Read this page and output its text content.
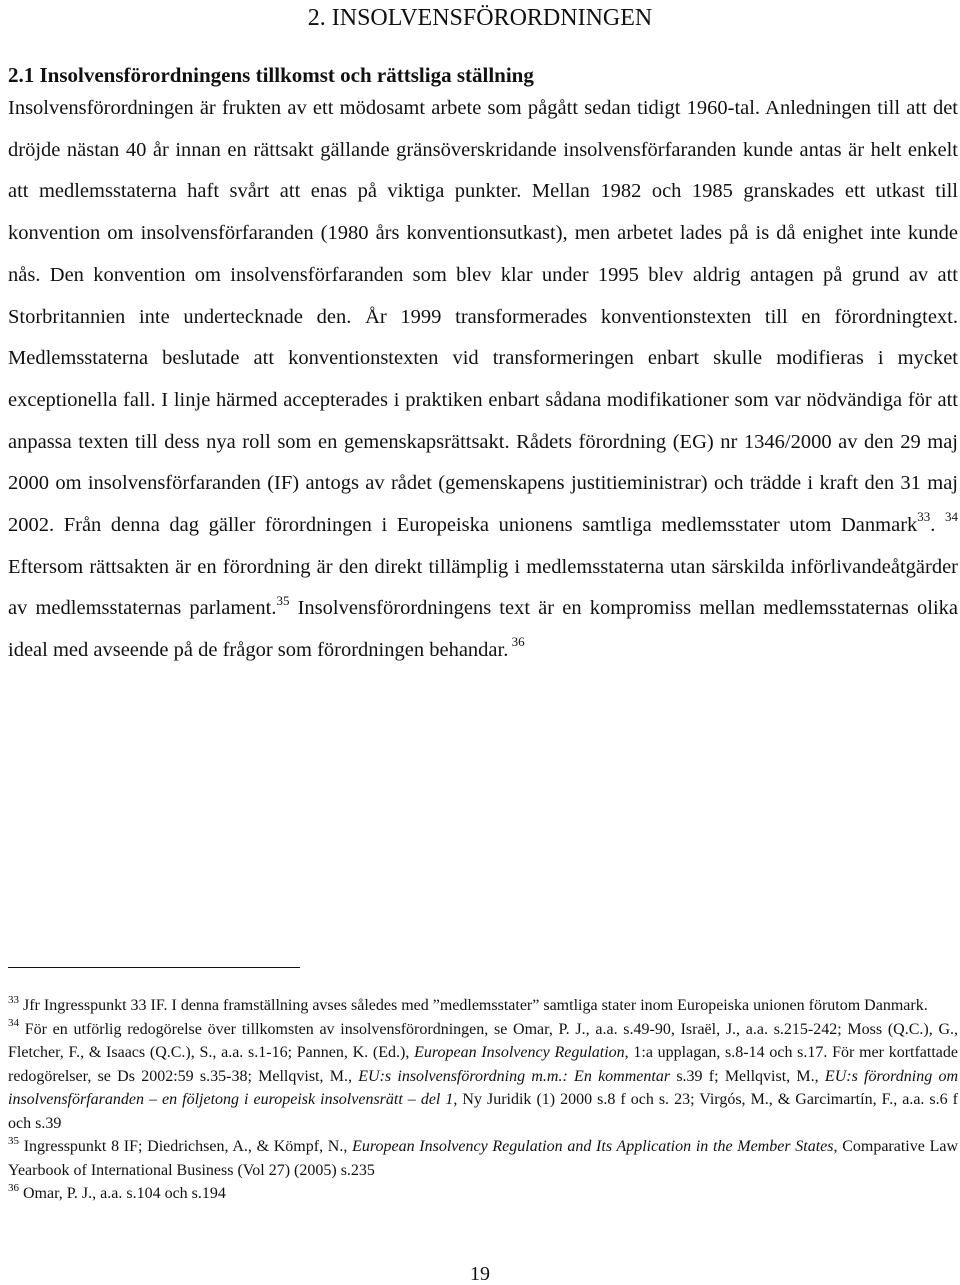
2. INSOLVENSFÖRORDNINGEN
2.1 Insolvensförordningens tillkomst och rättsliga ställning
Insolvensförordningen är frukten av ett mödosamt arbete som pågått sedan tidigt 1960-tal. Anledningen till att det dröjde nästan 40 år innan en rättsakt gällande gränsöverskridande insolvensförfaranden kunde antas är helt enkelt att medlemsstaterna haft svårt att enas på viktiga punkter. Mellan 1982 och 1985 granskades ett utkast till konvention om insolvensförfaranden (1980 års konventionsutkast), men arbetet lades på is då enighet inte kunde nås. Den konvention om insolvensförfaranden som blev klar under 1995 blev aldrig antagen på grund av att Storbritannien inte undertecknade den. År 1999 transformerades konventionstexten till en förordningtext. Medlemsstaterna beslutade att konventionstexten vid transformeringen enbart skulle modifieras i mycket exceptionella fall. I linje härmed accepterades i praktiken enbart sådana modifikationer som var nödvändiga för att anpassa texten till dess nya roll som en gemenskapsrättsakt. Rådets förordning (EG) nr 1346/2000 av den 29 maj 2000 om insolvensförfaranden (IF) antogs av rådet (gemenskapens justitieministrar) och trädde i kraft den 31 maj 2002. Från denna dag gäller förordningen i Europeiska unionens samtliga medlemsstater utom Danmark$^{33}$. $^{34}$ Eftersom rättsakten är en förordning är den direkt tillämplig i medlemsstaterna utan särskilda införlivandeåtgärder av medlemsstaternas parlament.$^{35}$ Insolvensförordningens text är en kompromiss mellan medlemsstaternas olika ideal med avseende på de frågor som förordningen behandar. $^{36}$

$^{33}$ Jfr Ingresspunkt 33 IF. I denna framställning avses således med ”medlemsstater” samtliga stater inom Europeiska unionen förutom Danmark.

$^{34}$ För en utförlig redogörelse över tillkomsten av insolvensförordningen, se Omar, P. J., a.a. s.49-90, Israël, J., a.a. s.215-242; Moss (Q.C.), G., Fletcher, F., & Isaacs (Q.C.), S., a.a. s.1-16; Pannen, K. (Ed.), European Insolvency Regulation, 1:a upplagan, s.8-14 och s.17. För mer kortfattade redogörelser, se Ds 2002:59 s.35-38; Mellqvist, M., EU:s insolvensförordning m.m.: En kommentar s.39 f; Mellqvist, M., EU:s förordning om insolvensförfaranden – en följetong i europeisk insolvensrätt – del 1, Ny Juridik (1) 2000 s.8 f och s. 23; Virgós, M., & Garcimartín, F., a.a. s.6 f och s.39

$^{35}$ Ingresspunkt 8 IF; Diedrichsen, A., & Kömpf, N., European Insolvency Regulation and Its Application in the Member States, Comparative Law Yearbook of International Business (Vol 27) (2005) s.235

$^{36}$ Omar, P. J., a.a. s.104 och s.194

19
